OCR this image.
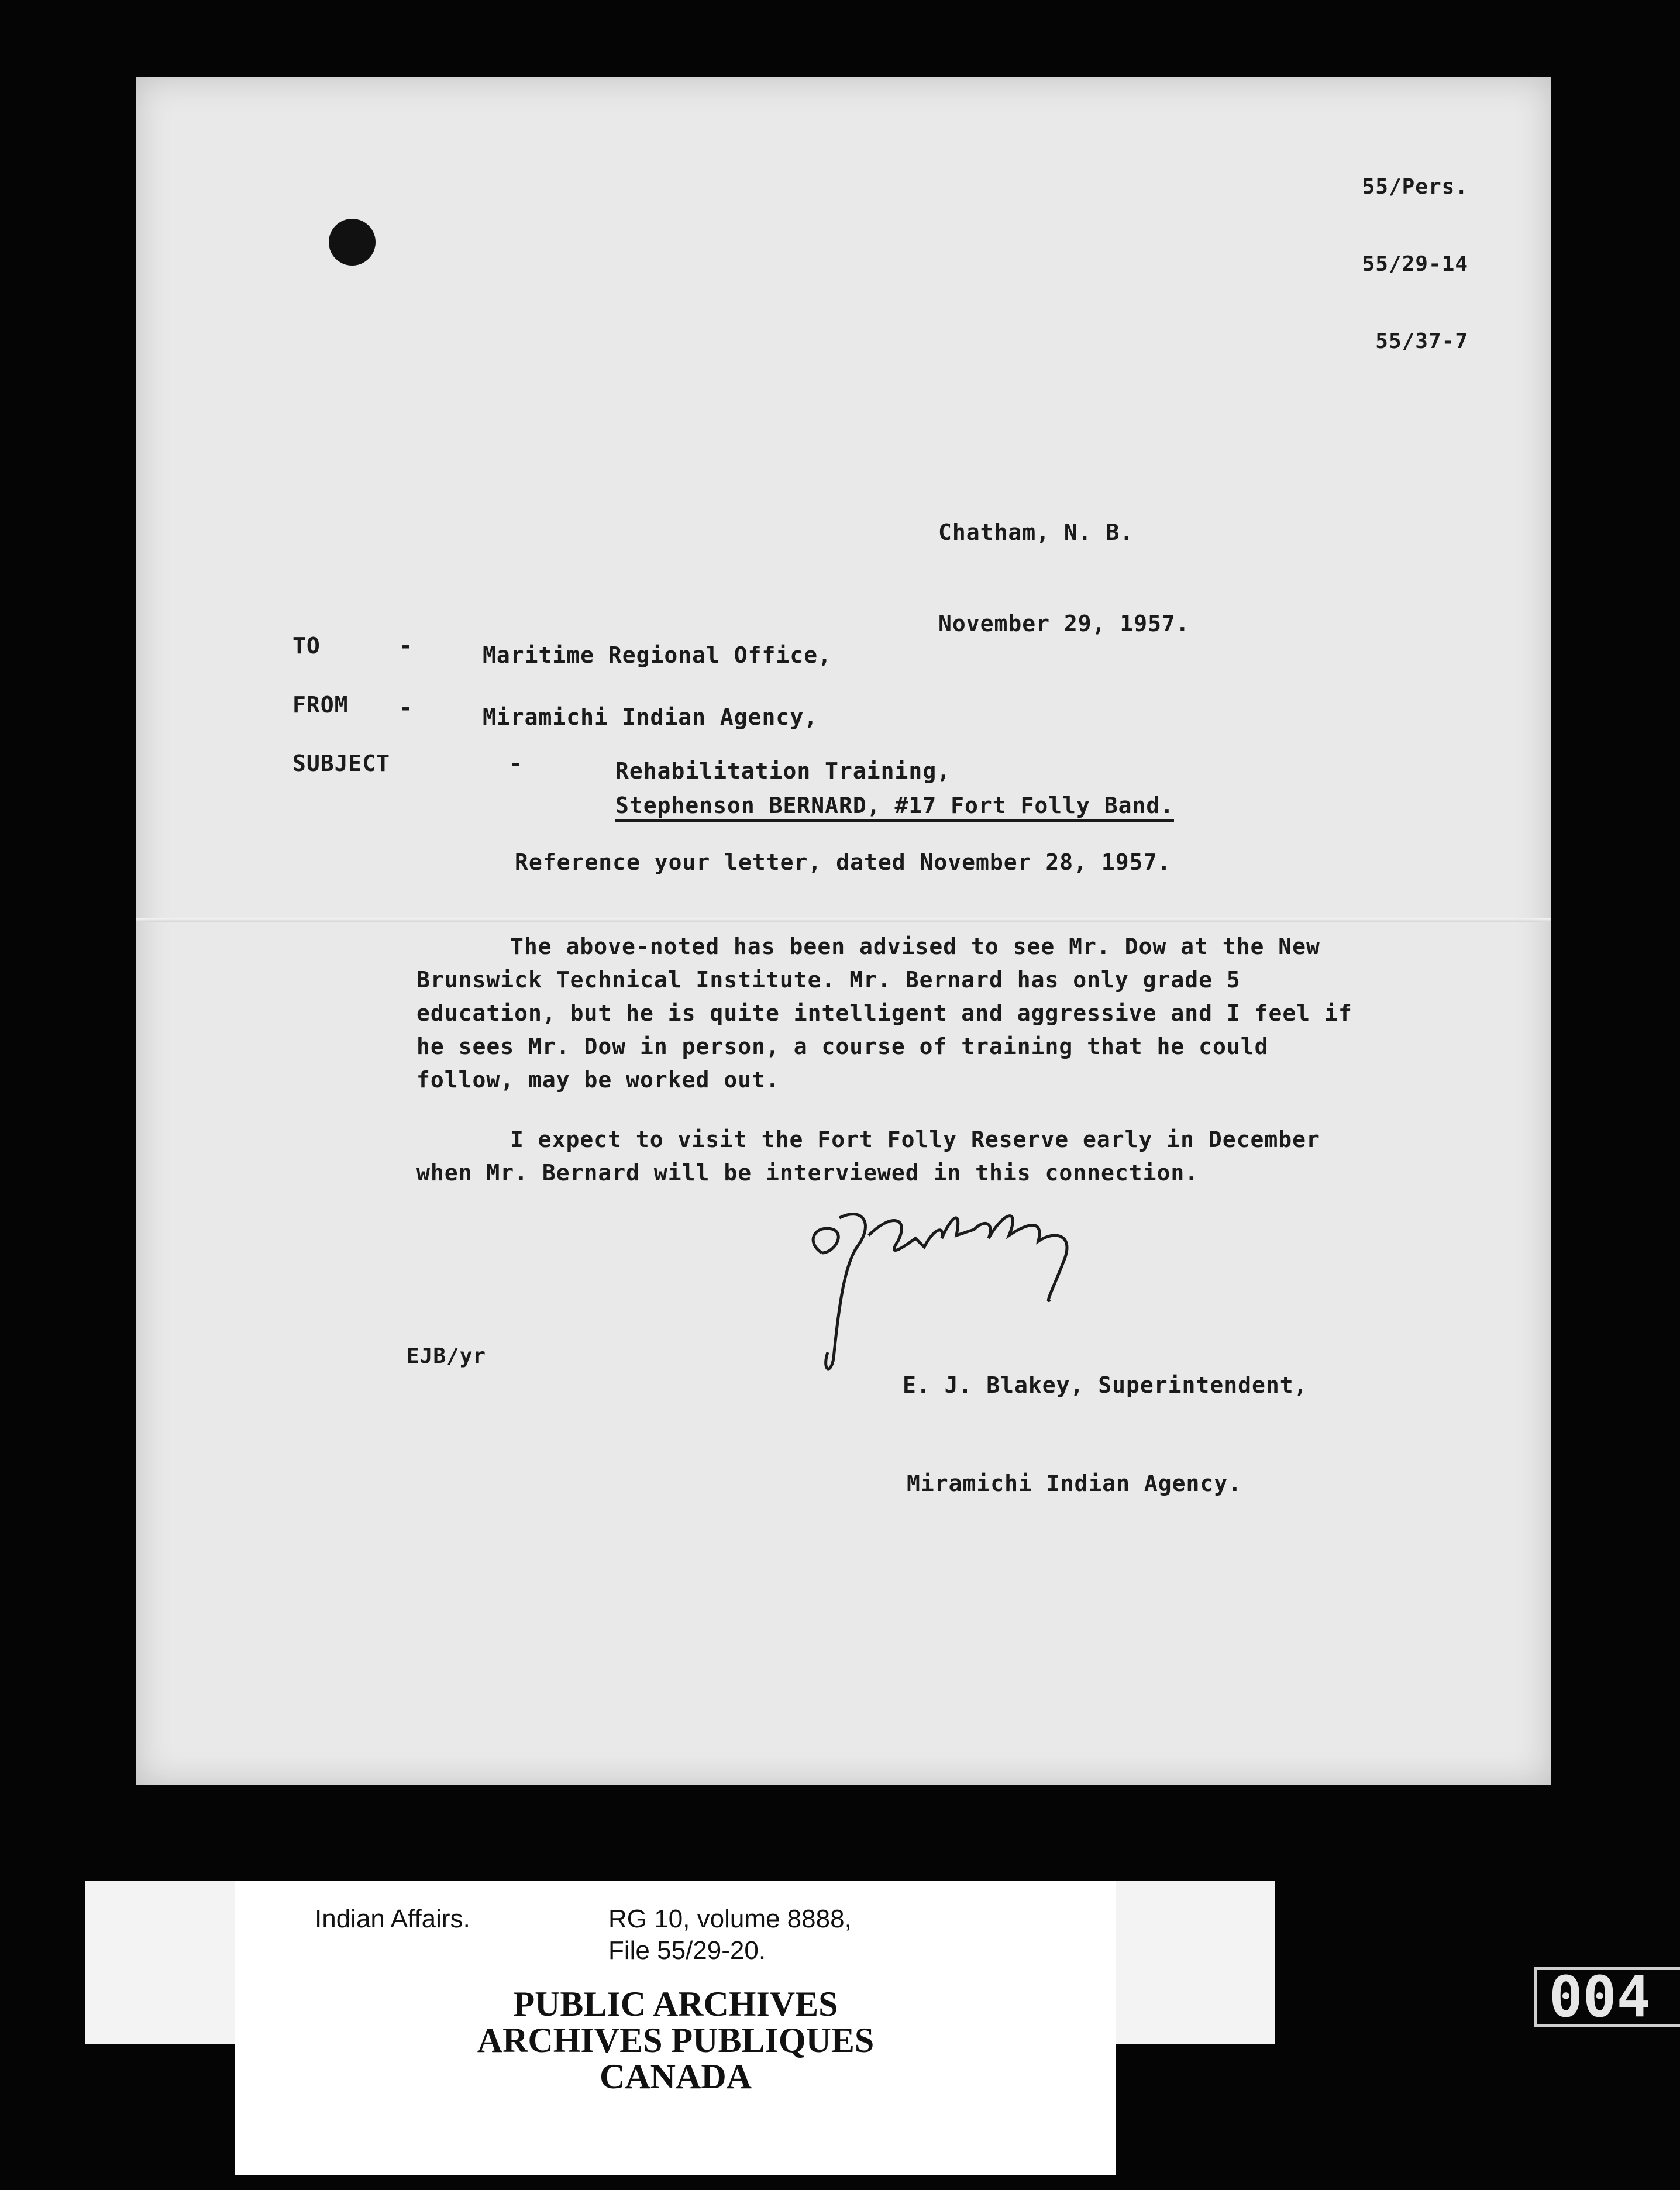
55/Pers.

55/29-14

55/37-7

Chatham, N. B.

November 29, 1957.

TO	-	Maritime Regional Office,
FROM -	Miramichi Indian Agency,
SUBJECT	-	Rehabilitation Training,
Stephenson BERNARD, #17 Fort Folly Band.
Reference your letter, dated November 28, 1957.

The above-noted has been advised to see Mr. Dow at the New Brunswick Technical Institute. Mr. Bernard has only grade 5 education, but he is quite intelligent and aggressive and I feel if he sees Mr. Dow in person, a course of training that he could follow, may be worked out.

I expect to visit the Fort Folly Reserve early in December when Mr. Bernard will be interviewed in this connection.

E. J. Blakey, Superintendent,

Miramichi Indian Agency.

EJB/yr
Indian Affairs.	RG 10, volume 8888,
File 55/29-20.
PUBLIC ARCHIVES
ARCHIVES PUBLIQUES
CANADA
004
